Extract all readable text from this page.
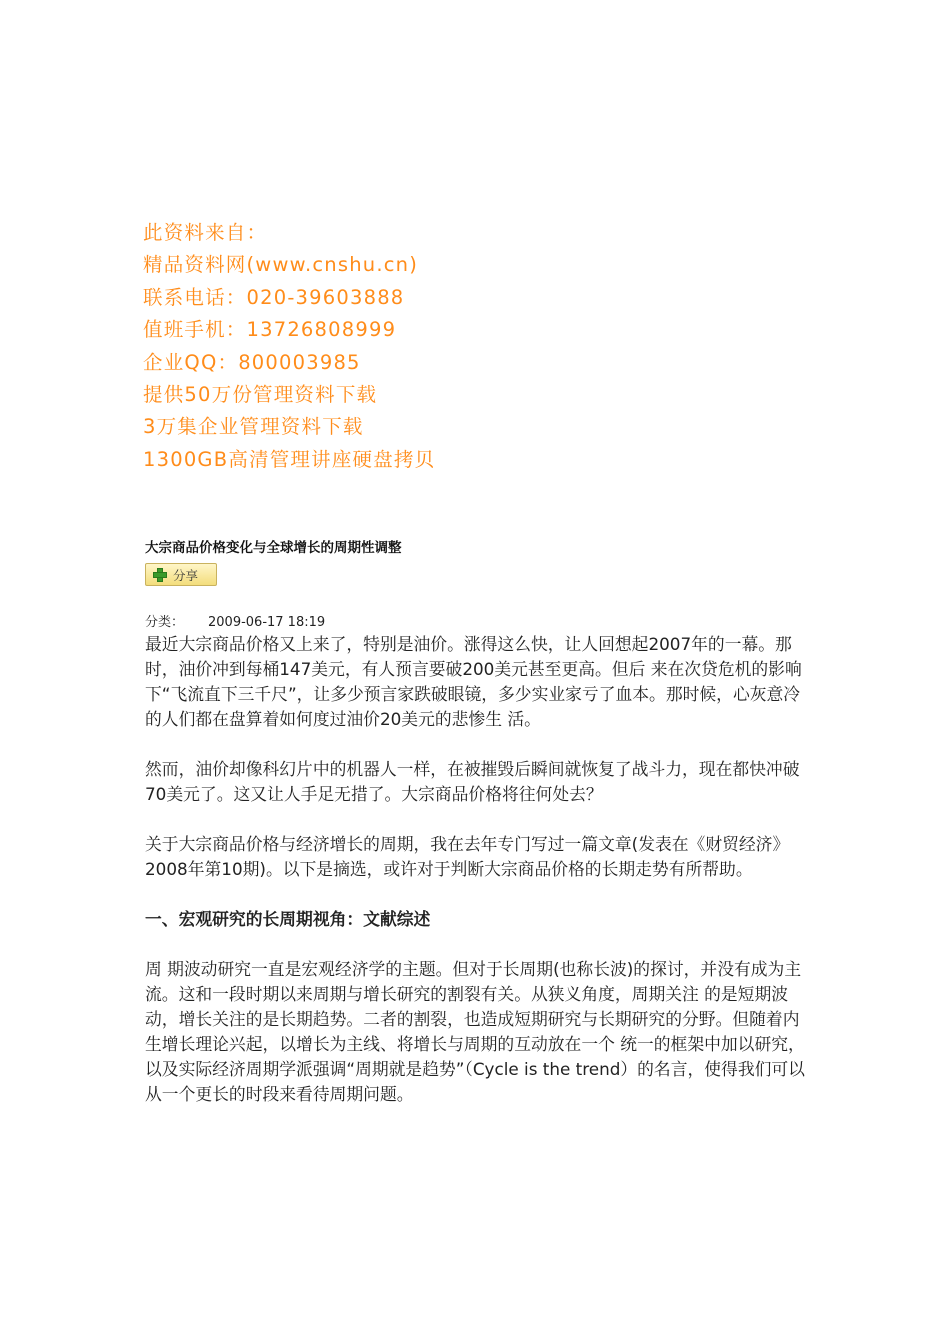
此资料来自：
精品资料网(www.cnshu.cn)
联系电话：020-39603888
值班手机：13726808999
企业QQ：800003985
提供50万份管理资料下载
3万集企业管理资料下载
1300GB高清管理讲座硬盘拷贝
大宗商品价格变化与全球增长的周期性调整
分享
分类： 2009-06-17 18:19

最近大宗商品价格又上来了，特别是油价。涨得这么快，让人回想起2007年的一幕。那时，油价冲到每桶147美元，有人预言要破200美元甚至更高。但后 来在次贷危机的影响下“飞流直下三千尺”，让多少预言家跌破眼镜，多少实业家亏了血本。那时候，心灰意冷的人们都在盘算着如何度过油价20美元的悲惨生 活。

然而，油价却像科幻片中的机器人一样，在被摧毁后瞬间就恢复了战斗力，现在都快冲破70美元了。这又让人手足无措了。大宗商品价格将往何处去？

关于大宗商品价格与经济增长的周期，我在去年专门写过一篇文章(发表在《财贸经济》2008年第10期)。以下是摘选，或许对于判断大宗商品价格的长期走势有所帮助。

一、宏观研究的长周期视角：文献综述

周 期波动研究一直是宏观经济学的主题。但对于长周期(也称长波)的探讨，并没有成为主流。这和一段时期以来周期与增长研究的割裂有关。从狭义角度，周期关注 的是短期波动，增长关注的是长期趋势。二者的割裂，也造成短期研究与长期研究的分野。但随着内生增长理论兴起，以增长为主线、将增长与周期的互动放在一个 统一的框架中加以研究，以及实际经济周期学派强调“周期就是趋势”（Cycle is the trend）的名言，使得我们可以从一个更长的时段来看待周期问题。
